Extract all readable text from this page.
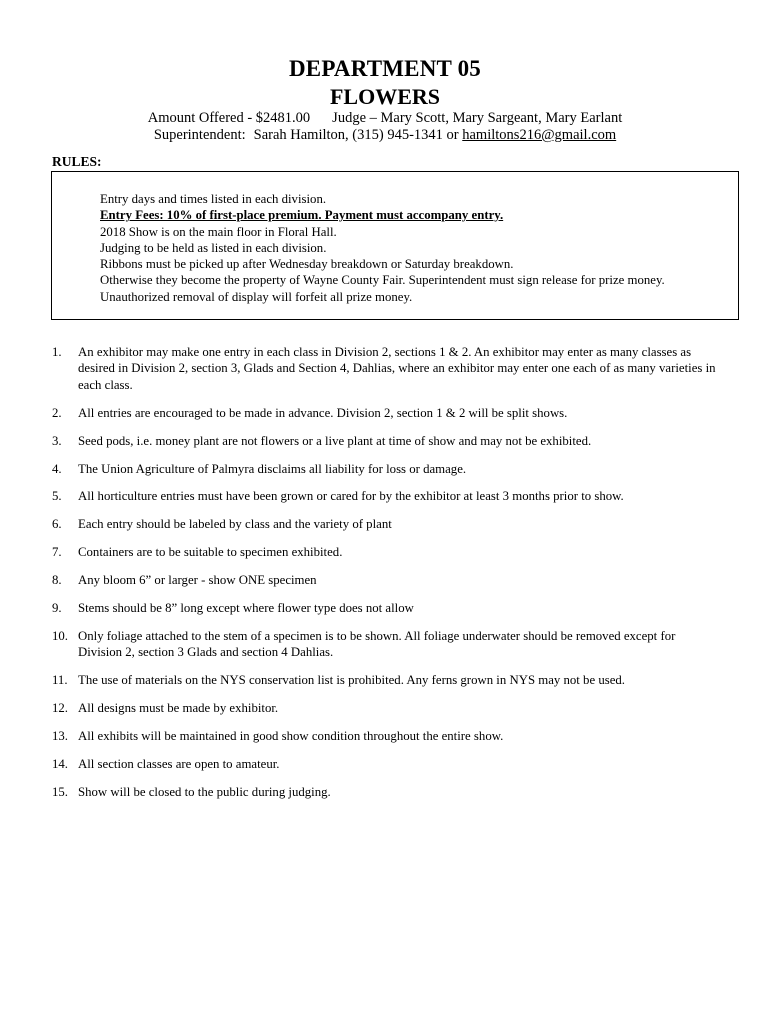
DEPARTMENT 05
FLOWERS
Amount Offered - $2481.00 Judge – Mary Scott, Mary Sargeant, Mary Earlant
Superintendent: Sarah Hamilton, (315) 945-1341 or hamiltons216@gmail.com
RULES:
Entry days and times listed in each division.
Entry Fees: 10% of first-place premium. Payment must accompany entry.
2018 Show is on the main floor in Floral Hall.
Judging to be held as listed in each division.
Ribbons must be picked up after Wednesday breakdown or Saturday breakdown.
Otherwise they become the property of Wayne County Fair. Superintendent must sign release for prize money.
Unauthorized removal of display will forfeit all prize money.
1. An exhibitor may make one entry in each class in Division 2, sections 1 & 2. An exhibitor may enter as many classes as desired in Division 2, section 3, Glads and Section 4, Dahlias, where an exhibitor may enter one each of as many varieties in each class.
2. All entries are encouraged to be made in advance. Division 2, section 1 & 2 will be split shows.
3. Seed pods, i.e. money plant are not flowers or a live plant at time of show and may not be exhibited.
4. The Union Agriculture of Palmyra disclaims all liability for loss or damage.
5. All horticulture entries must have been grown or cared for by the exhibitor at least 3 months prior to show.
6. Each entry should be labeled by class and the variety of plant
7. Containers are to be suitable to specimen exhibited.
8. Any bloom 6” or larger - show ONE specimen
9. Stems should be 8” long except where flower type does not allow
10. Only foliage attached to the stem of a specimen is to be shown. All foliage underwater should be removed except for Division 2, section 3 Glads and section 4 Dahlias.
11. The use of materials on the NYS conservation list is prohibited. Any ferns grown in NYS may not be used.
12. All designs must be made by exhibitor.
13. All exhibits will be maintained in good show condition throughout the entire show.
14. All section classes are open to amateur.
15. Show will be closed to the public during judging.
